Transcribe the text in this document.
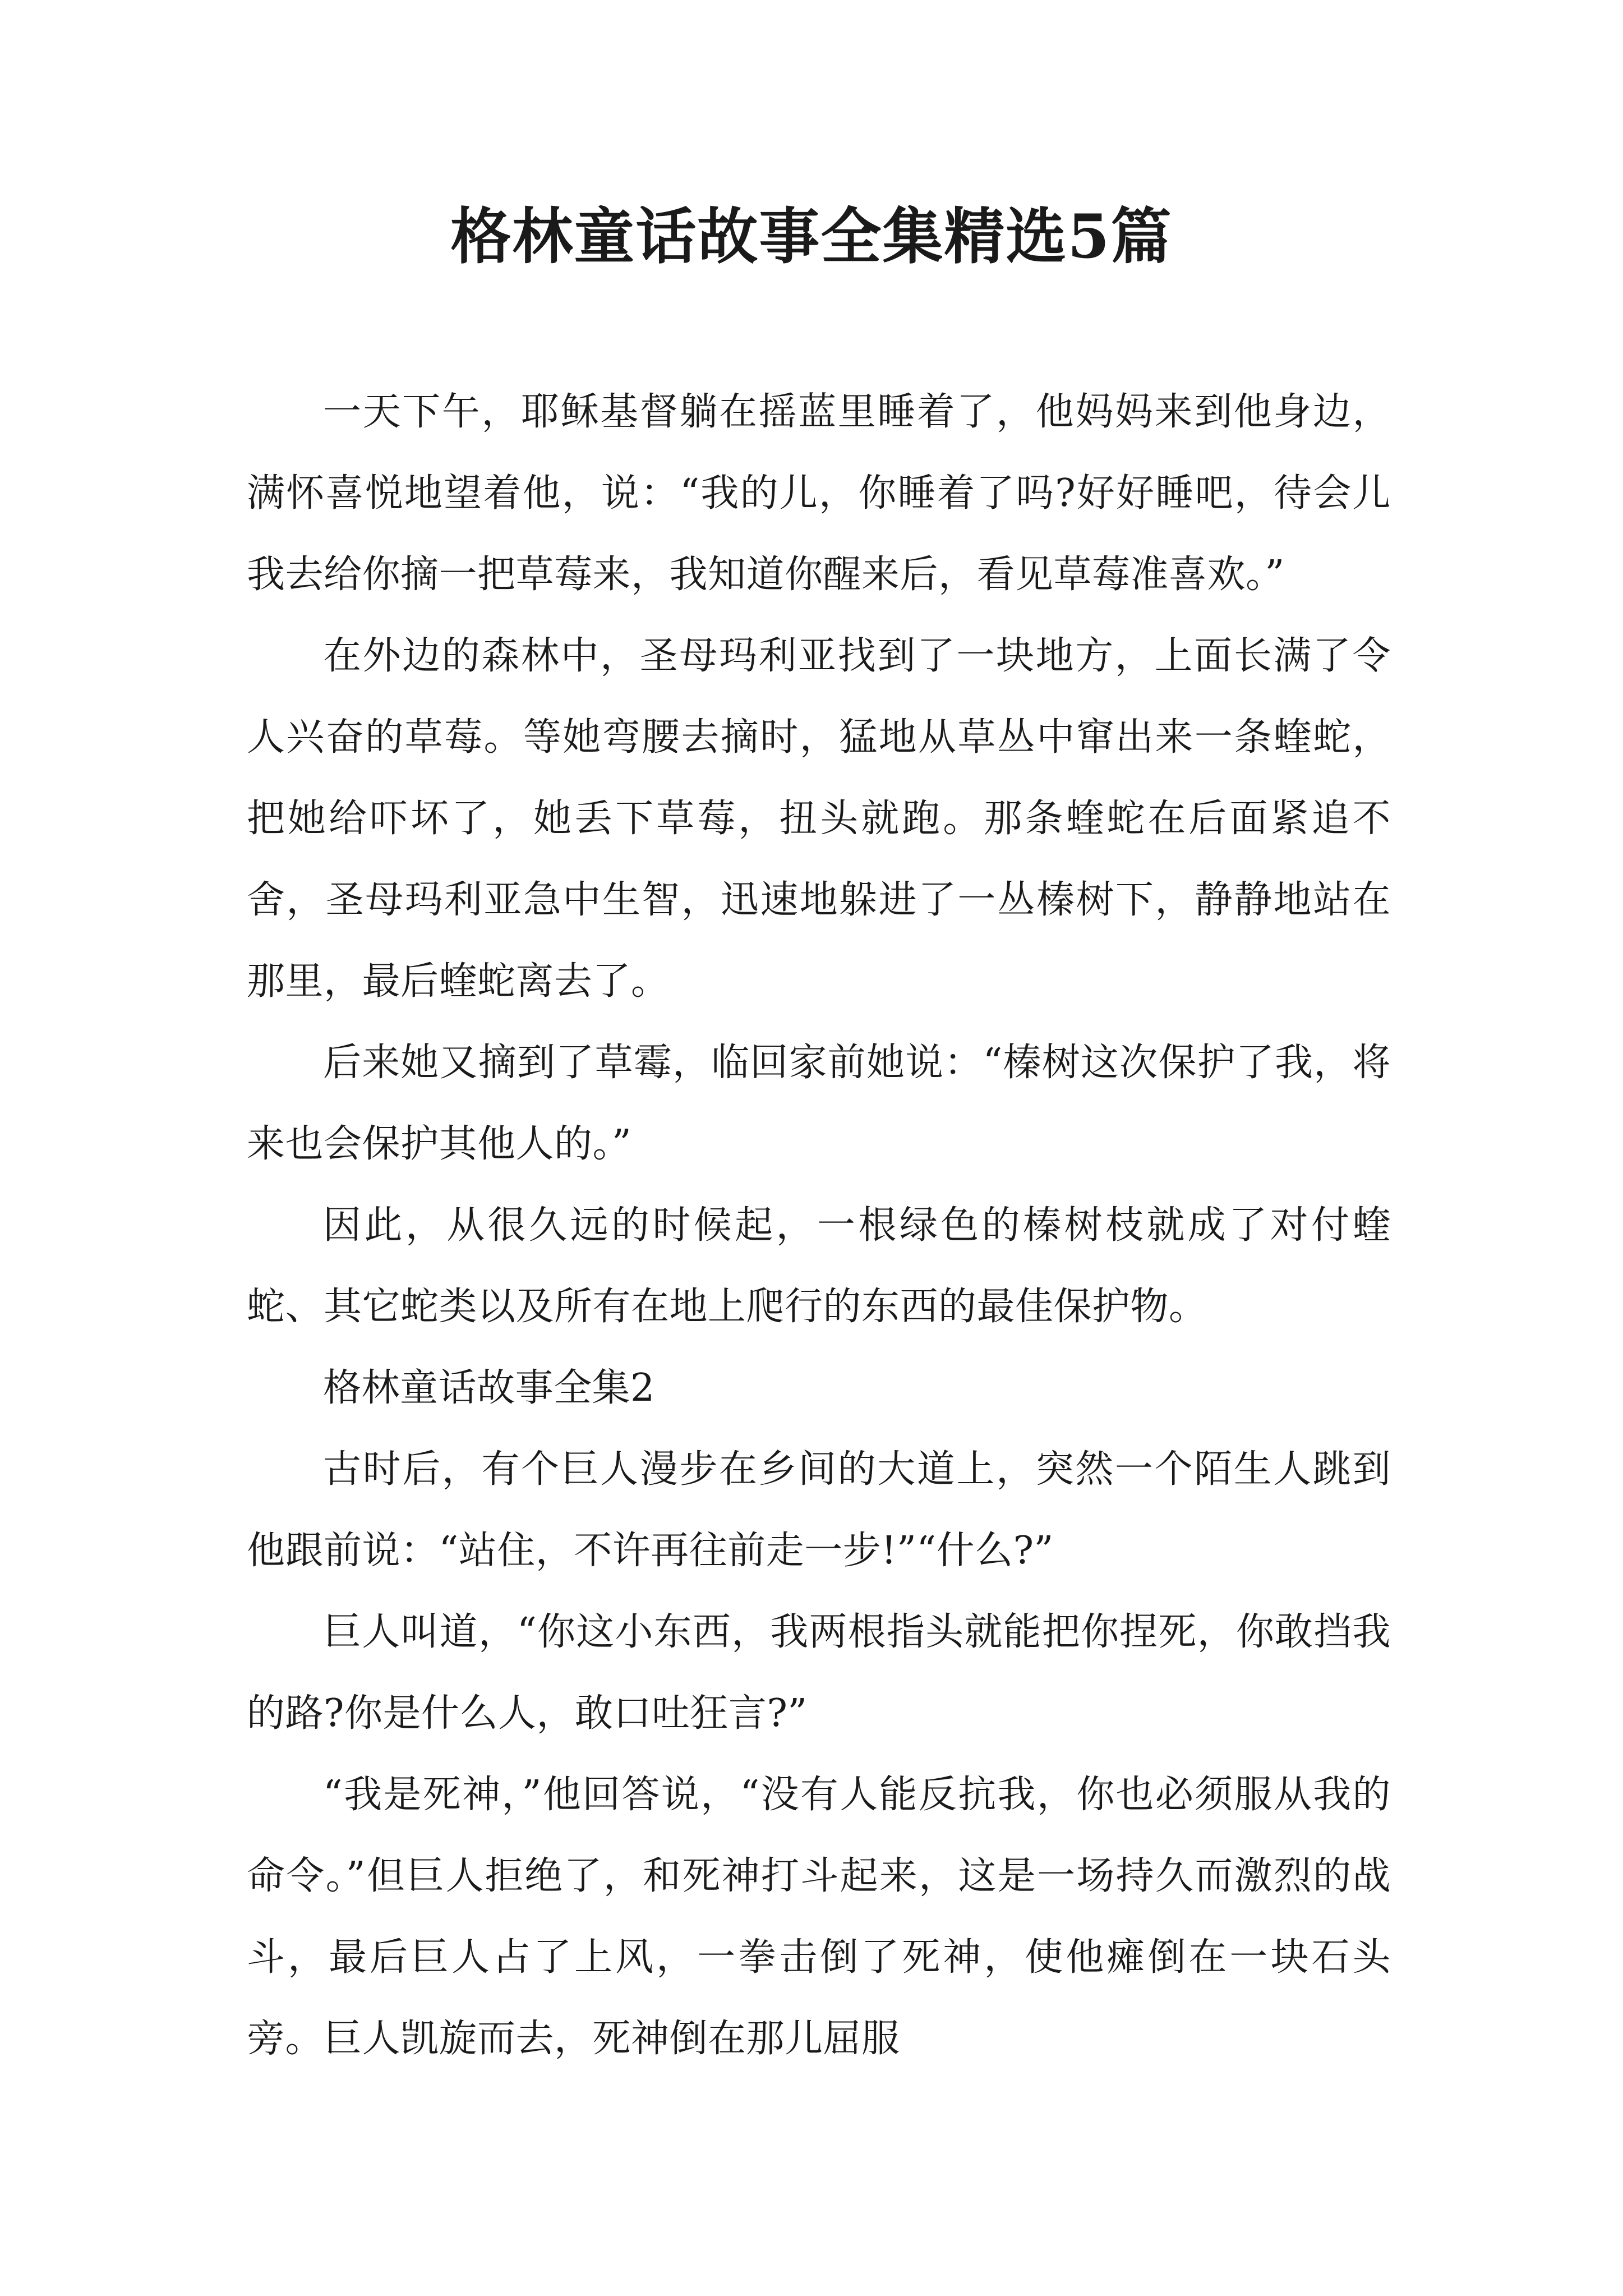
格林童话故事全集精选5篇

一天下午，耶稣基督躺在摇蓝里睡着了，他妈妈来到他身边，满怀喜悦地望着他，说：“我的儿，你睡着了吗?好好睡吧，待会儿我去给你摘一把草莓来，我知道你醒来后，看见草莓准喜欢。”

在外边的森林中，圣母玛利亚找到了一块地方，上面长满了令人兴奋的草莓。等她弯腰去摘时，猛地从草丛中窜出来一条蝰蛇，把她给吓坏了，她丢下草莓，扭头就跑。那条蝰蛇在后面紧追不舍，圣母玛利亚急中生智，迅速地躲进了一丛榛树下，静静地站在那里，最后蝰蛇离去了。

后来她又摘到了草霉，临回家前她说：“榛树这次保护了我，将来也会保护其他人的。”

因此，从很久远的时候起，一根绿色的榛树枝就成了对付蝰蛇、其它蛇类以及所有在地上爬行的东西的最佳保护物。

格林童话故事全集2

古时后，有个巨人漫步在乡间的大道上，突然一个陌生人跳到他跟前说：“站住，不许再往前走一步!”“什么?”

巨人叫道，“你这小东西，我两根指头就能把你捏死，你敢挡我的路?你是什么人，敢口吐狂言?”

“我是死神，”他回答说，“没有人能反抗我，你也必须服从我的命令。”但巨人拒绝了，和死神打斗起来，这是一场持久而激烈的战斗，最后巨人占了上风，一拳击倒了死神，使他瘫倒在一块石头旁。巨人凯旋而去，死神倒在那儿屈服
